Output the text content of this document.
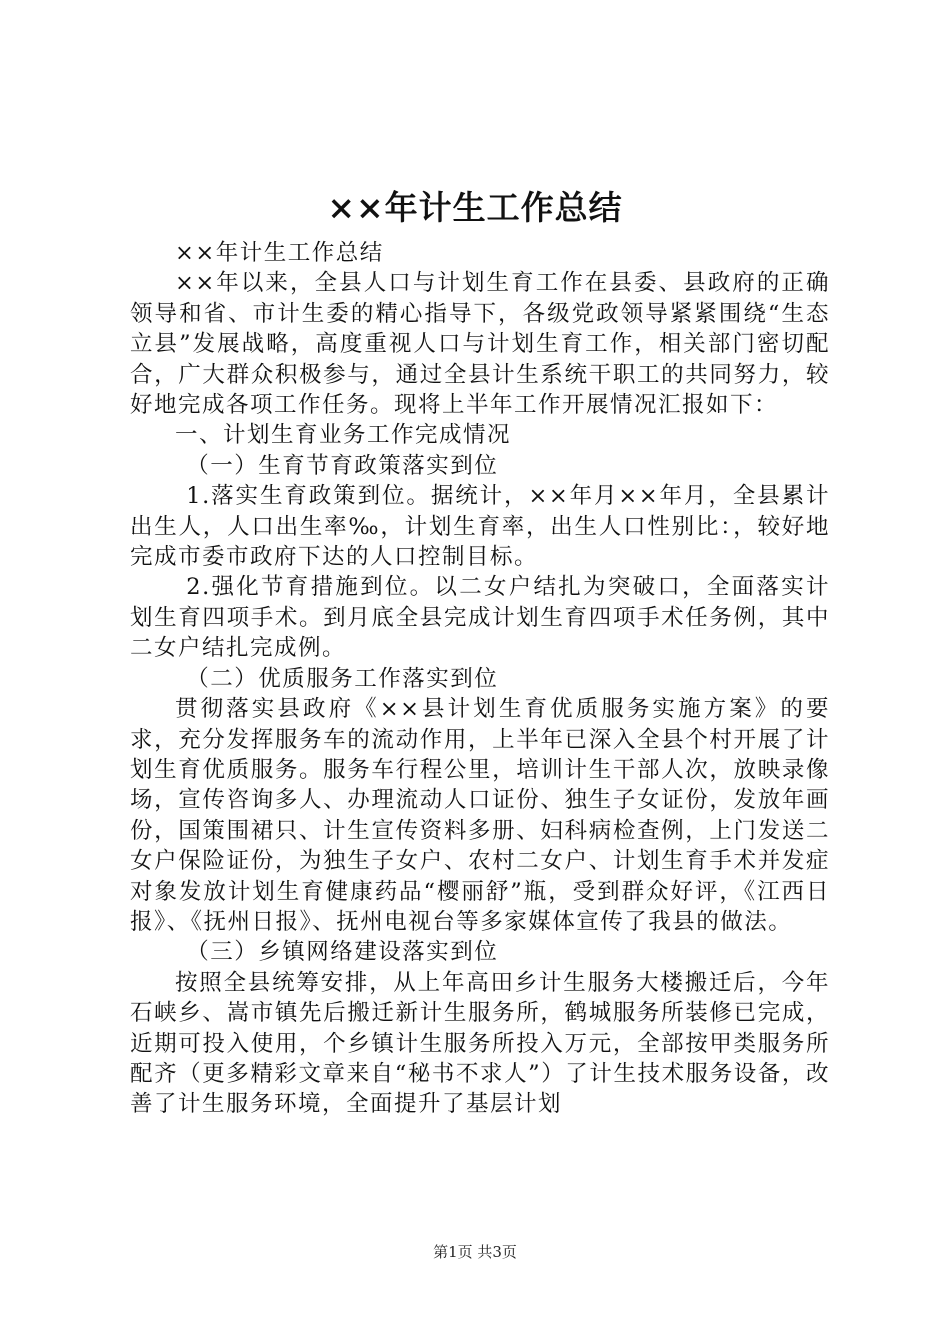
××年计生工作总结

××年计生工作总结

××年以来，全县人口与计划生育工作在县委、县政府的正确领导和省、市计生委的精心指导下，各级党政领导紧紧围绕“生态立县”发展战略，高度重视人口与计划生育工作，相关部门密切配合，广大群众积极参与，通过全县计生系统干职工的共同努力，较好地完成各项工作任务。现将上半年工作开展情况汇报如下：

一、计划生育业务工作完成情况

（一）生育节育政策落实到位

1.落实生育政策到位。据统计，××年月××年月，全县累计出生人，人口出生率‰，计划生育率，出生人口性别比：，较好地完成市委市政府下达的人口控制目标。

2.强化节育措施到位。以二女户结扎为突破口，全面落实计划生育四项手术。到月底全县完成计划生育四项手术任务例，其中二女户结扎完成例。

（二）优质服务工作落实到位

贯彻落实县政府《××县计划生育优质服务实施方案》的要求，充分发挥服务车的流动作用，上半年已深入全县个村开展了计划生育优质服务。服务车行程公里，培训计生干部人次，放映录像场，宣传咨询多人、办理流动人口证份、独生子女证份，发放年画份，国策围裙只、计生宣传资料多册、妇科病检查例，上门发送二女户保险证份，为独生子女户、农村二女户、计划生育手术并发症对象发放计划生育健康药品“樱丽舒”瓶，受到群众好评，《江西日报》、《抚州日报》、抚州电视台等多家媒体宣传了我县的做法。

（三）乡镇网络建设落实到位

按照全县统筹安排，从上年高田乡计生服务大楼搬迁后，今年石峡乡、嵩市镇先后搬迁新计生服务所，鹤城服务所装修已完成，近期可投入使用，个乡镇计生服务所投入万元，全部按甲类服务所配齐（更多精彩文章来自“秘书不求人”）了计生技术服务设备，改善了计生服务环境，全面提升了基层计划

第1页 共3页
